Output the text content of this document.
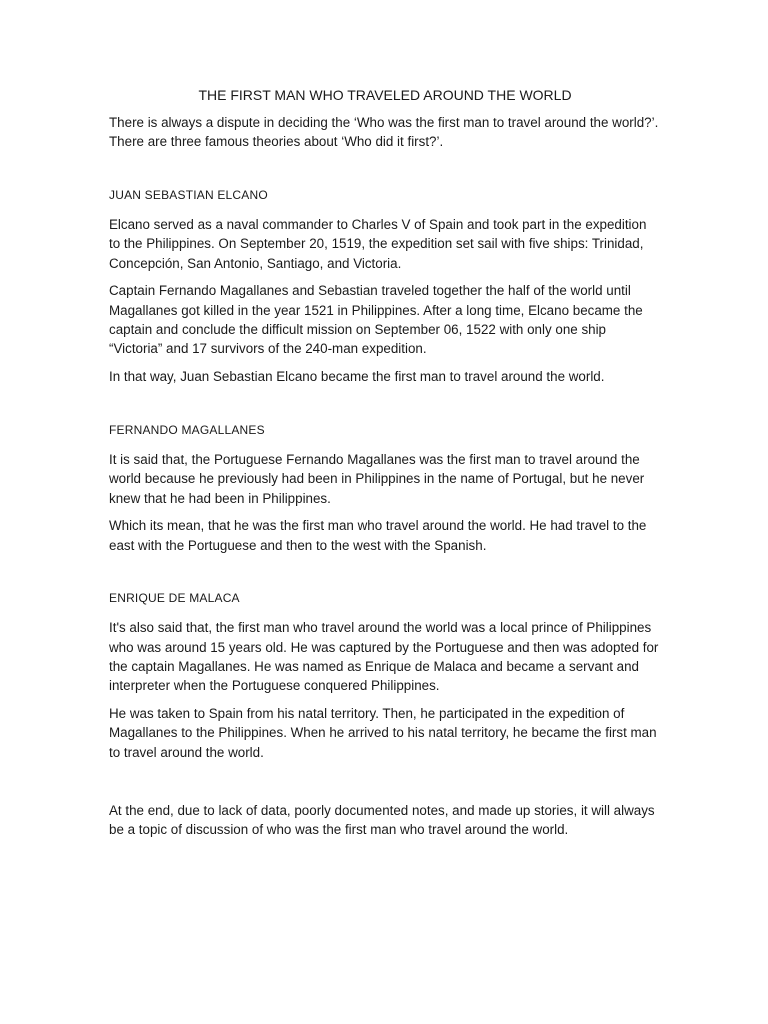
THE FIRST MAN WHO TRAVELED AROUND THE WORLD

There is always a dispute in deciding the ‘Who was the first man to travel around the world?’. There are three famous theories about ‘Who did it first?’.

JUAN SEBASTIAN ELCANO

Elcano served as a naval commander to Charles V of Spain and took part in the expedition to the Philippines. On September 20, 1519, the expedition set sail with five ships: Trinidad, Concepción, San Antonio, Santiago, and Victoria.

Captain Fernando Magallanes and Sebastian traveled together the half of the world until Magallanes got killed in the year 1521 in Philippines. After a long time, Elcano became the captain and conclude the difficult mission on September 06, 1522 with only one ship “Victoria” and 17 survivors of the 240-man expedition.

In that way, Juan Sebastian Elcano became the first man to travel around the world.

FERNANDO MAGALLANES

It is said that, the Portuguese Fernando Magallanes was the first man to travel around the world because he previously had been in Philippines in the name of Portugal, but he never knew that he had been in Philippines.

Which its mean, that he was the first man who travel around the world. He had travel to the east with the Portuguese and then to the west with the Spanish.

ENRIQUE DE MALACA

It's also said that, the first man who travel around the world was a local prince of Philippines who was around 15 years old. He was captured by the Portuguese and then was adopted for the captain Magallanes. He was named as Enrique de Malaca and became a servant and interpreter when the Portuguese conquered Philippines.

He was taken to Spain from his natal territory. Then, he participated in the expedition of Magallanes to the Philippines. When he arrived to his natal territory, he became the first man to travel around the world.

At the end, due to lack of data, poorly documented notes, and made up stories, it will always be a topic of discussion of who was the first man who travel around the world.
